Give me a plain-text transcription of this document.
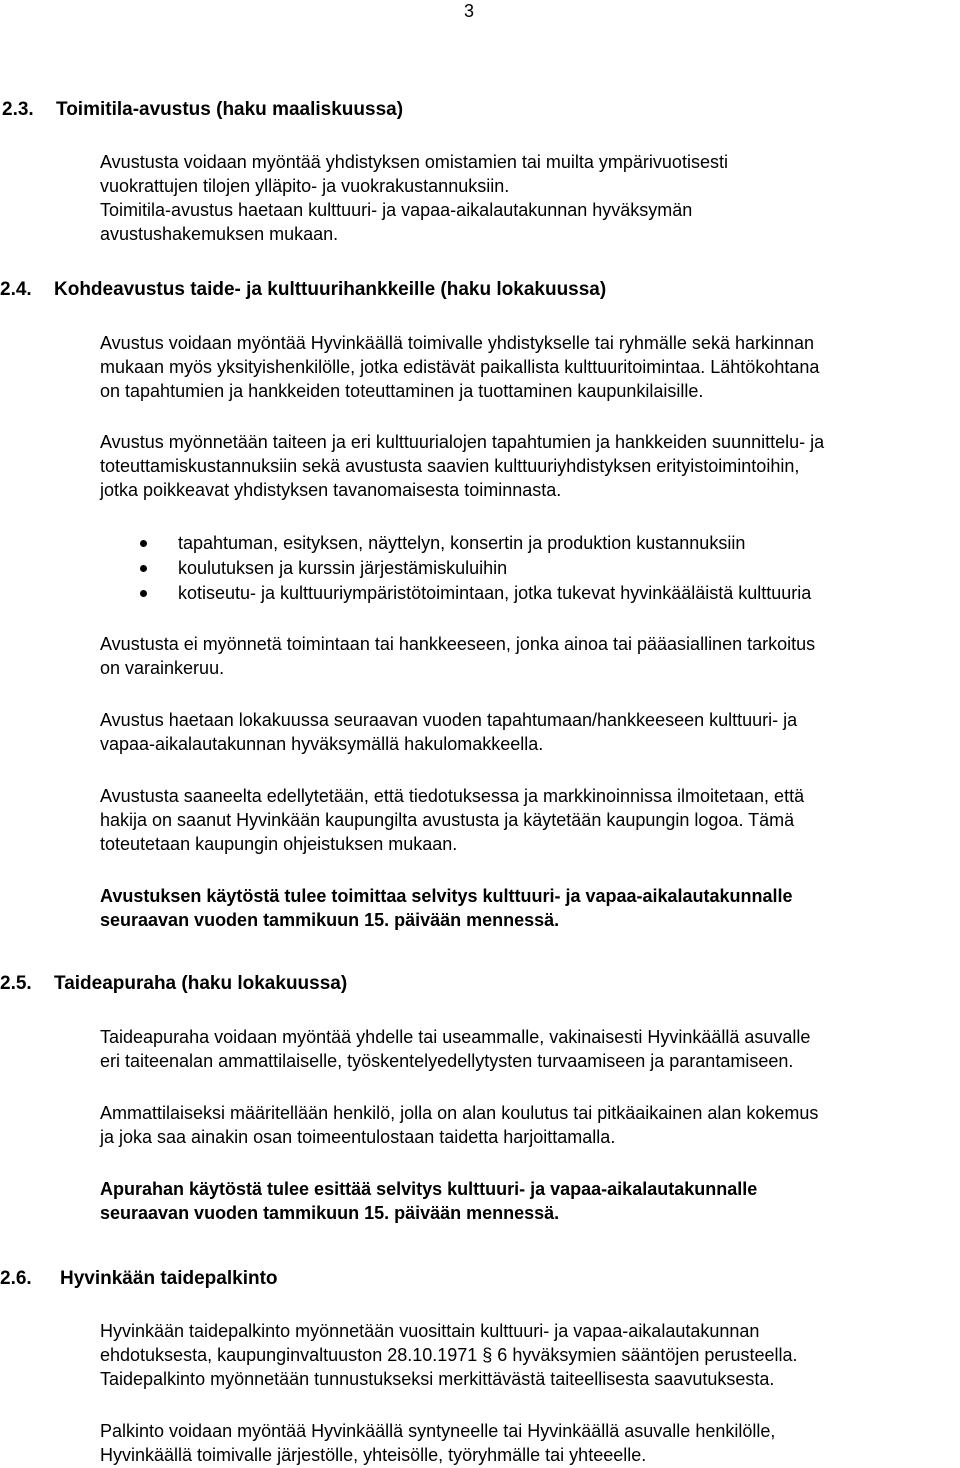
3
2.3. Toimitila-avustus (haku maaliskuussa)
Avustusta voidaan myöntää yhdistyksen omistamien tai muilta ympärivuotisesti
vuokrattujen tilojen ylläpito- ja vuokrakustannuksiin.
Toimitila-avustus haetaan kulttuuri- ja vapaa-aikalautakunnan hyväksymän
avustushakemuksen mukaan.
2.4. Kohdeavustus taide- ja kulttuurihankkeille (haku lokakuussa)
Avustus voidaan myöntää Hyvinkäällä toimivalle yhdistykselle tai ryhmälle sekä harkinnan
mukaan myös yksityishenkilölle, jotka edistävät paikallista kulttuuritoimintaa. Lähtökohtana
on tapahtumien ja hankkeiden toteuttaminen ja tuottaminen kaupunkilaisille.
Avustus myönnetään taiteen ja eri kulttuurialojen tapahtumien ja hankkeiden suunnittelu- ja
toteuttamiskustannuksiin sekä avustusta saavien kulttuuriyhdistyksen erityistoimintoihin,
jotka poikkeavat yhdistyksen tavanomaisesta toiminnasta.
tapahtuman, esityksen, näyttelyn, konsertin ja produktion kustannuksiin
koulutuksen ja kurssin järjestämiskuluihin
kotiseutu- ja kulttuuriympäristötoimintaan, jotka tukevat hyvinkääläistä kulttuuria
Avustusta ei myönnetä toimintaan tai hankkeeseen, jonka ainoa tai pääasiallinen tarkoitus
on varainkeruu.
Avustus haetaan lokakuussa seuraavan vuoden tapahtumaan/hankkeeseen kulttuuri- ja
vapaa-aikalautakunnan hyväksymällä hakulomakkeella.
Avustusta saaneelta edellytetään, että tiedotuksessa ja markkinoinnissa ilmoitetaan, että
hakija on saanut Hyvinkään kaupungilta avustusta ja käytetään kaupungin logoa. Tämä
toteutetaan kaupungin ohjeistuksen mukaan.
Avustuksen käytöstä tulee toimittaa selvitys kulttuuri- ja vapaa-aikalautakunnalle
seuraavan vuoden tammikuun 15. päivään mennessä.
2.5. Taideapuraha (haku lokakuussa)
Taideapuraha voidaan myöntää yhdelle tai useammalle, vakinaisesti Hyvinkäällä asuvalle
eri taiteenalan ammattilaiselle, työskentelyedellytysten turvaamiseen ja parantamiseen.
Ammattilaiseksi määritellään henkilö, jolla on alan koulutus tai pitkäaikainen alan kokemus
ja joka saa ainakin osan toimeentulostaan taidetta harjoittamalla.
Apurahan käytöstä tulee esittää selvitys kulttuuri- ja vapaa-aikalautakunnalle
seuraavan vuoden tammikuun 15. päivään mennessä.
2.6. Hyvinkään taidepalkinto
Hyvinkään taidepalkinto myönnetään vuosittain kulttuuri- ja vapaa-aikalautakunnan
ehdotuksesta, kaupunginvaltuuston 28.10.1971 § 6 hyväksymien sääntöjen perusteella.
Taidepalkinto myönnetään tunnustukseksi merkittävästä taiteellisesta saavutuksesta.
Palkinto voidaan myöntää Hyvinkäällä syntyneelle tai Hyvinkäällä asuvalle henkilölle,
Hyvinkäällä toimivalle järjestölle, yhteisölle, työryhmälle tai yhteeelle.
